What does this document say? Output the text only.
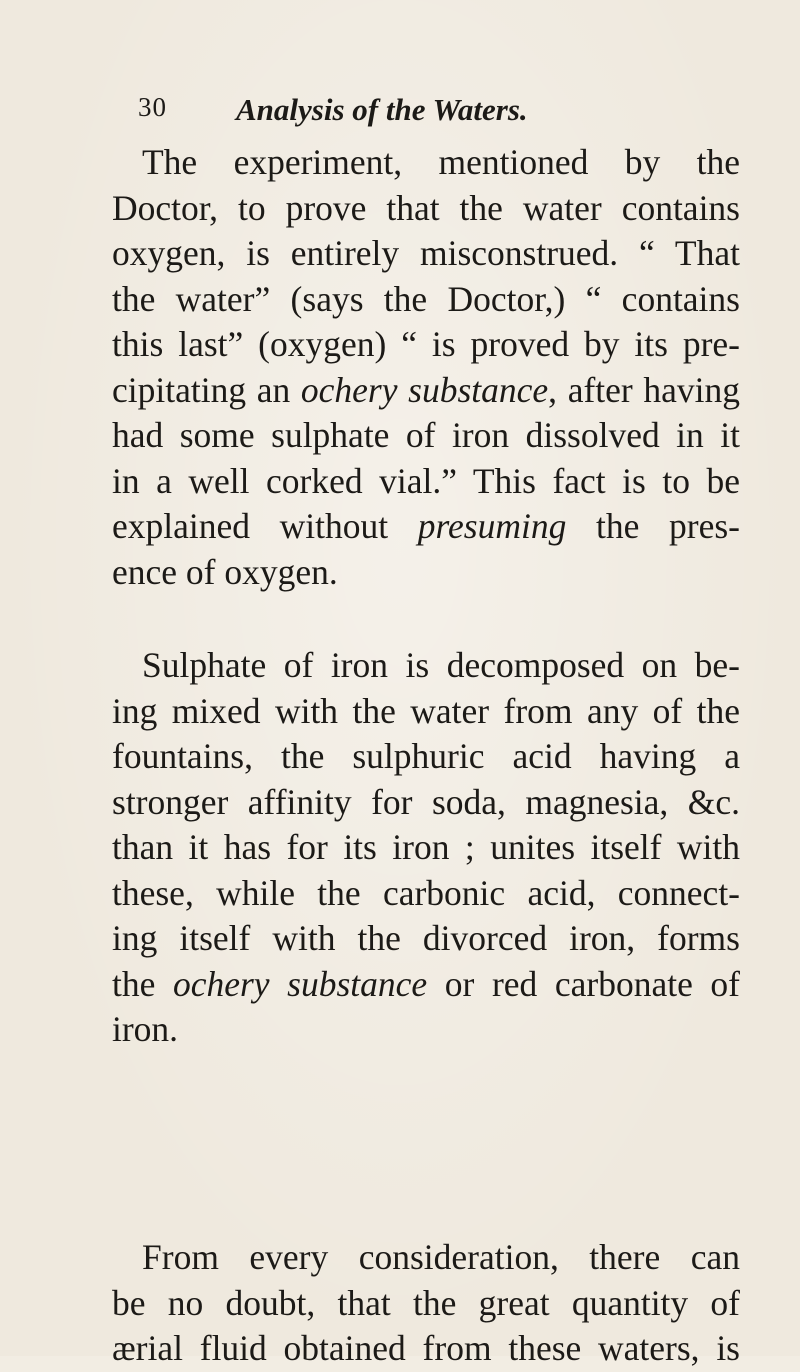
30 Analysis of the Waters.
The experiment, mentioned by the
Doctor, to prove that the water contains
oxygen, is entirely misconstrued. “ That
the water” (says the Doctor,) “ contains
this last” (oxygen) “ is proved by its pre-
cipitating an ochery substance, after having
had some sulphate of iron dissolved in it
in a well corked vial.” This fact is to be
explained without presuming the pres-
ence of oxygen.
Sulphate of iron is decomposed on be-
ing mixed with the water from any of the
fountains, the sulphuric acid having a
stronger affinity for soda, magnesia, &c.
than it has for its iron ; unites itself with
these, while the carbonic acid, connect-
ing itself with the divorced iron, forms
the ochery substance or red carbonate of
iron.
From every consideration, there can
be no doubt, that the great quantity of
ærial fluid obtained from these waters, is
